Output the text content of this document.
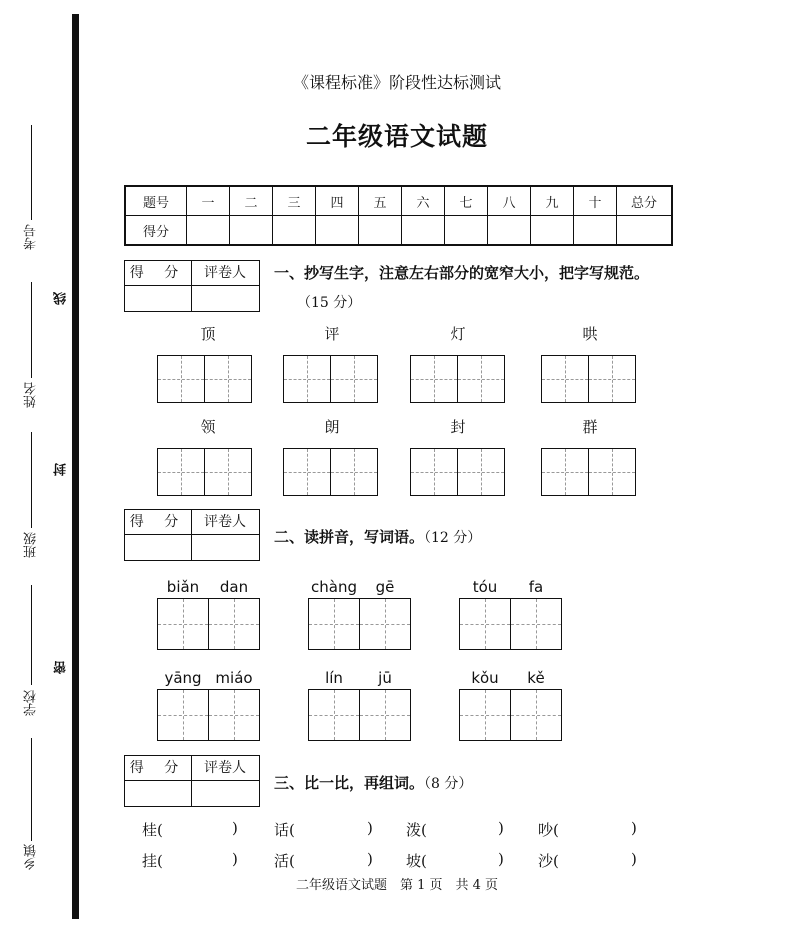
考号
姓名
班级
学校
乡镇
线
封
密
《课程标准》阶段性达标测试
二年级语文试题
题号	一	二	三	四	五	六	七	八	九	十	总分
得分											
得 分	评卷人	一、抄写生字，注意左右部分的宽窄大小，把字写规范。
（15 分）
顶	评	灯	哄
领	朗	封	群
得 分	评卷人
二、读拼音，写词语。（12 分）
biǎn	dan	chàng	gē	tóu	fa
yāng miáo	lín	jū	kǒu	kě
得 分	评卷人
三、比一比，再组词。（8 分）
桂(	) 话(	) 泼(	) 吵(	)
挂(	) 活(	) 坡(	) 沙(	)
二年级语文试题　第 1 页　共 4 页
